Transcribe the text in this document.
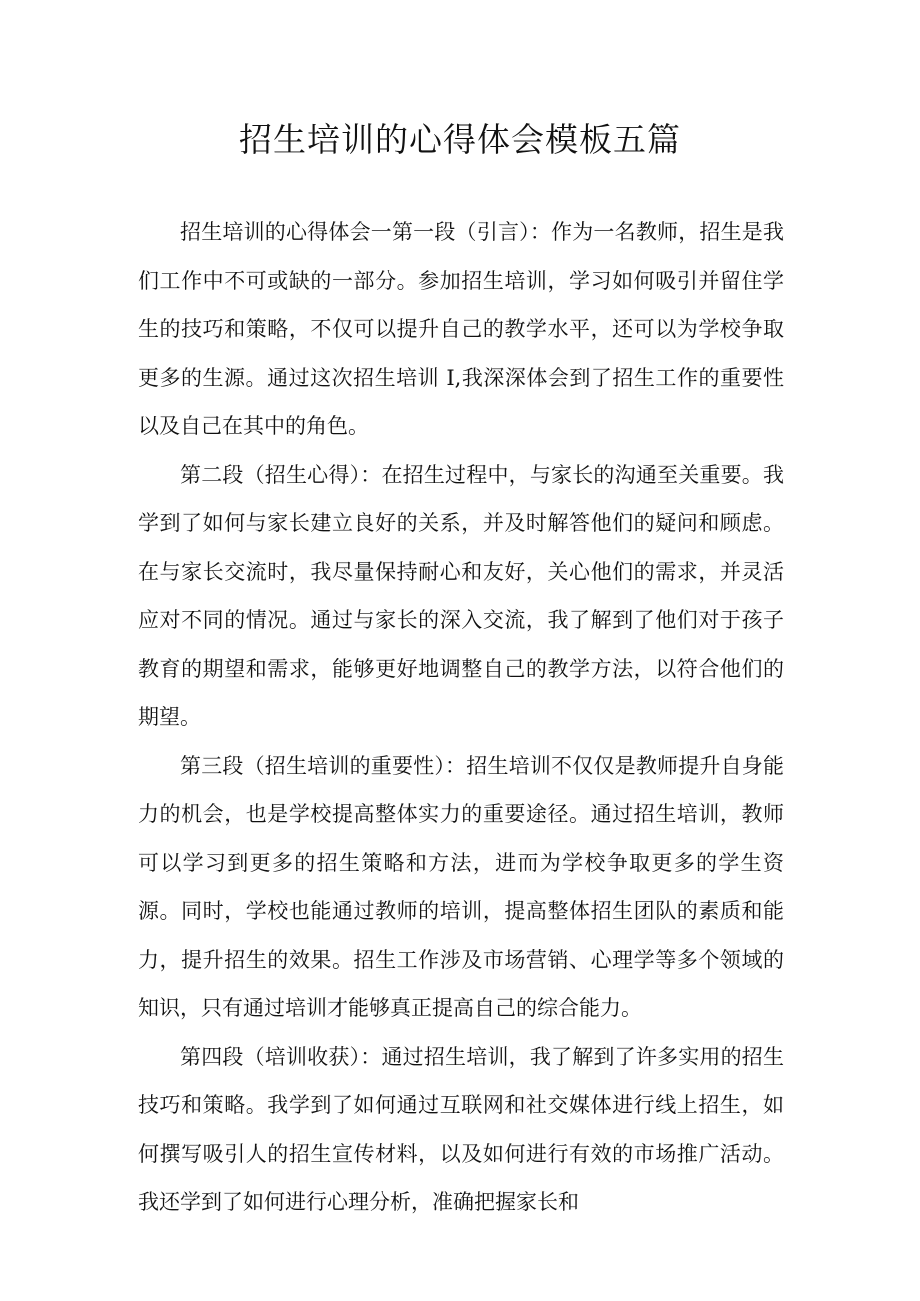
招生培训的心得体会模板五篇

招生培训的心得体会一第一段（引言）：作为一名教师，招生是我们工作中不可或缺的一部分。参加招生培训，学习如何吸引并留住学生的技巧和策略，不仅可以提升自己的教学水平，还可以为学校争取更多的生源。通过这次招生培训 I,我深深体会到了招生工作的重要性以及自己在其中的角色。

第二段（招生心得）：在招生过程中，与家长的沟通至关重要。我学到了如何与家长建立良好的关系，并及时解答他们的疑问和顾虑。在与家长交流时，我尽量保持耐心和友好，关心他们的需求，并灵活应对不同的情况。通过与家长的深入交流，我了解到了他们对于孩子教育的期望和需求，能够更好地调整自己的教学方法，以符合他们的期望。

第三段（招生培训的重要性）：招生培训不仅仅是教师提升自身能力的机会，也是学校提高整体实力的重要途径。通过招生培训，教师可以学习到更多的招生策略和方法，进而为学校争取更多的学生资源。同时，学校也能通过教师的培训，提高整体招生团队的素质和能力，提升招生的效果。招生工作涉及市场营销、心理学等多个领域的知识，只有通过培训才能够真正提高自己的综合能力。

第四段（培训收获）：通过招生培训，我了解到了许多实用的招生技巧和策略。我学到了如何通过互联网和社交媒体进行线上招生，如何撰写吸引人的招生宣传材料，以及如何进行有效的市场推广活动。我还学到了如何进行心理分析，准确把握家长和
